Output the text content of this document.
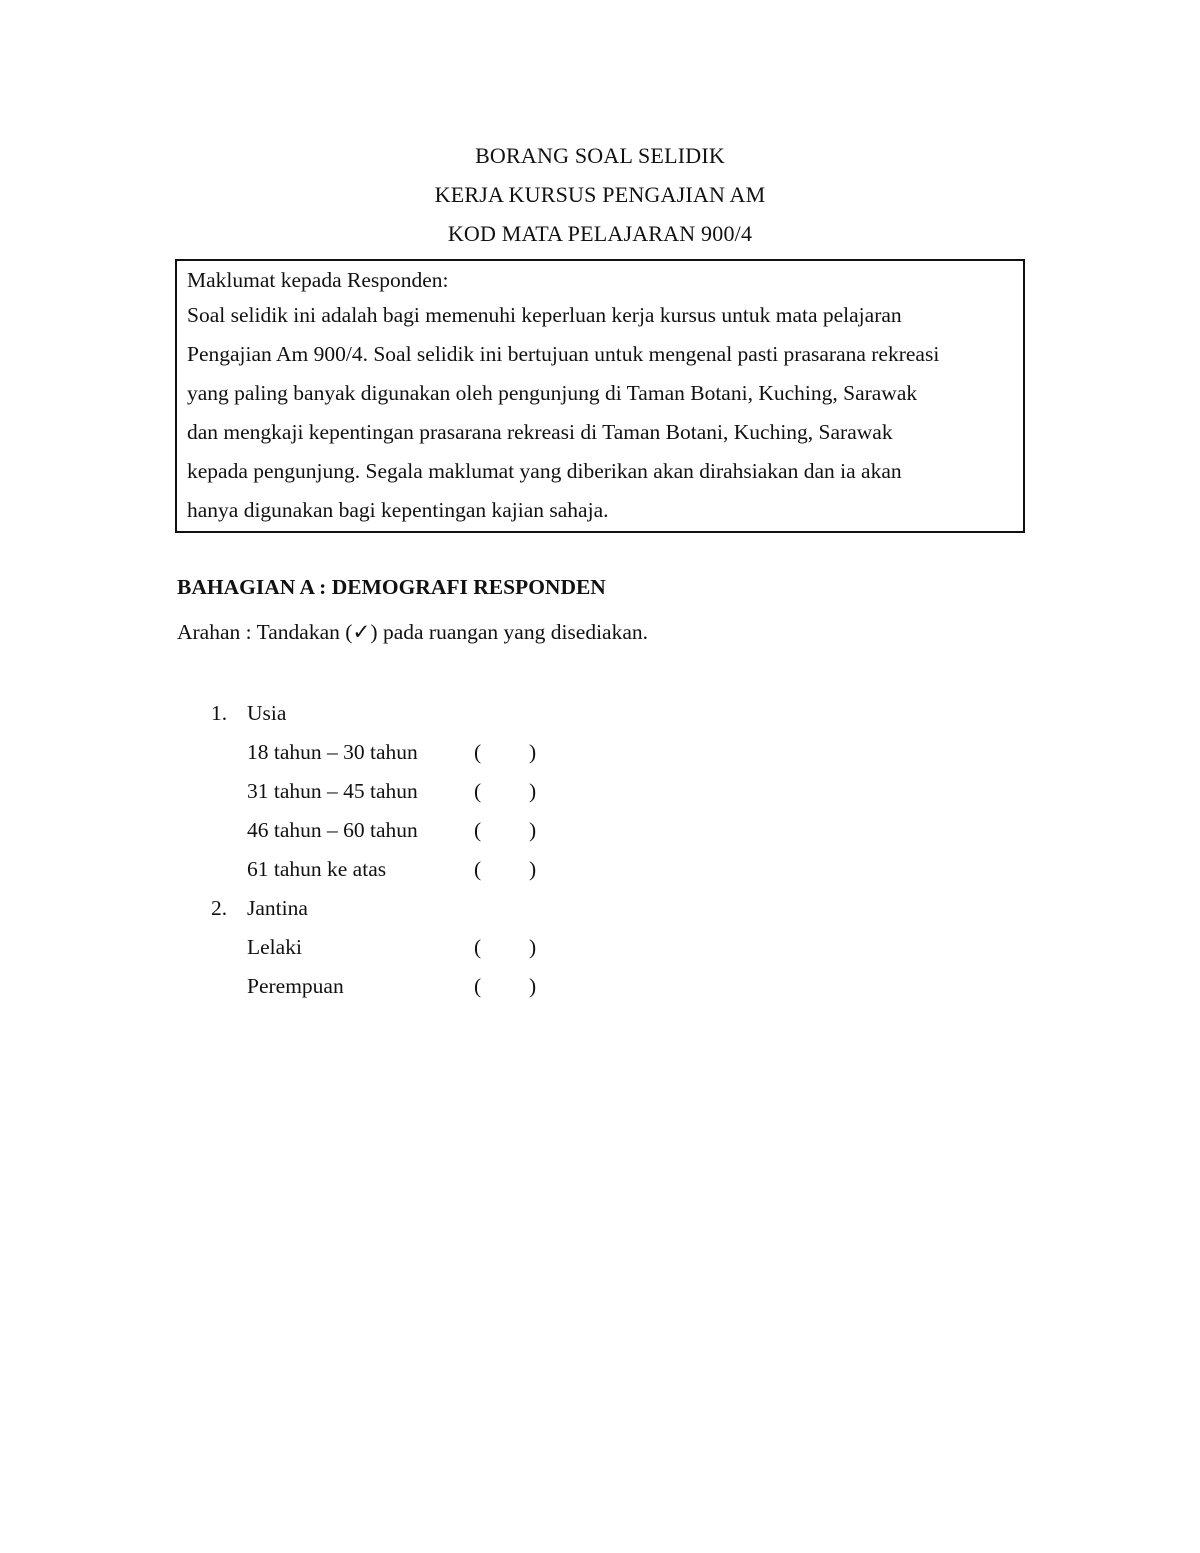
BORANG SOAL SELIDIK
KERJA KURSUS PENGAJIAN AM
KOD MATA PELAJARAN 900/4
Maklumat kepada Responden:
Soal selidik ini adalah bagi memenuhi keperluan kerja kursus untuk mata pelajaran
Pengajian Am 900/4. Soal selidik ini bertujuan untuk mengenal pasti prasarana rekreasi
yang paling banyak digunakan oleh pengunjung di Taman Botani, Kuching, Sarawak
dan mengkaji kepentingan prasarana rekreasi di Taman Botani, Kuching, Sarawak
kepada pengunjung. Segala maklumat yang diberikan akan dirahsiakan dan ia akan
hanya digunakan bagi kepentingan kajian sahaja.
BAHAGIAN A : DEMOGRAFI RESPONDEN
Arahan : Tandakan (✓) pada ruangan yang disediakan.
1. Usia
18 tahun – 30 tahun	( )
31 tahun – 45 tahun	( )
46 tahun – 60 tahun	( )
61 tahun ke atas	( )
2. Jantina
Lelaki	( )
Perempuan	( )
